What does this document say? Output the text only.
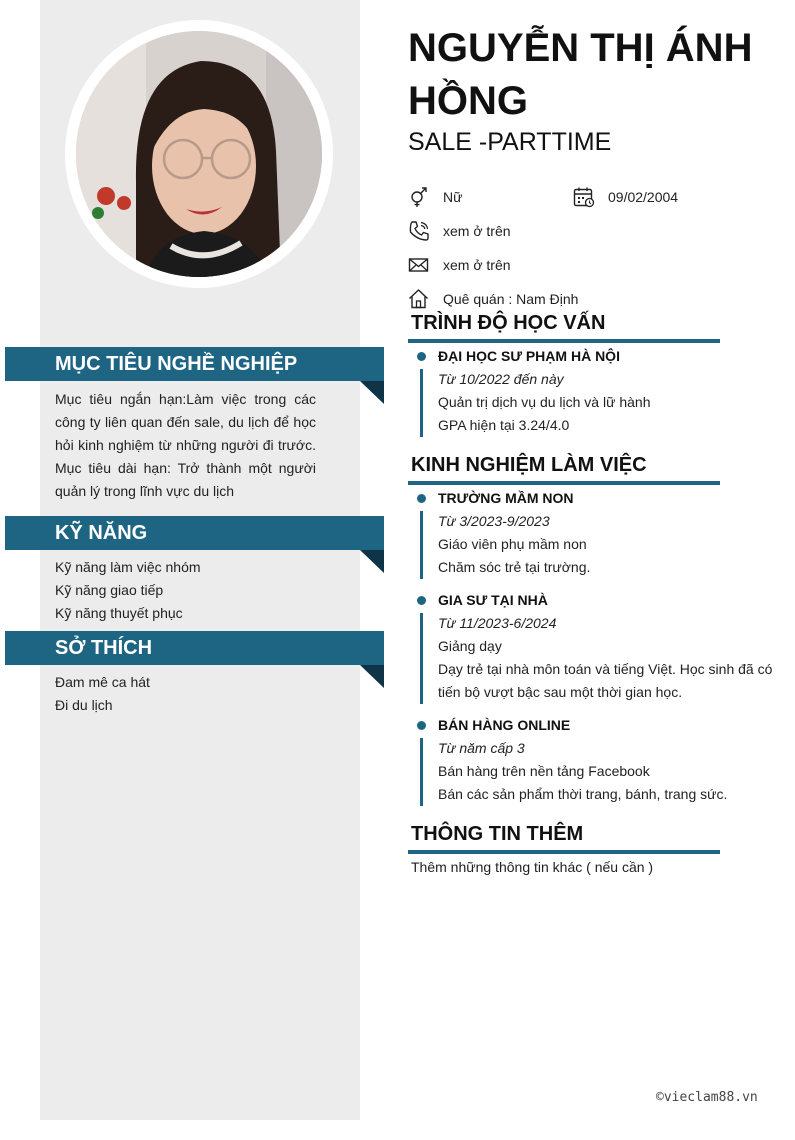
MỤC TIÊU NGHỀ NGHIỆP
Mục tiêu ngắn hạn:Làm việc trong các công ty liên quan đến sale, du lịch để học hỏi kinh nghiệm từ những người đi trước. Mục tiêu dài hạn: Trở thành một người quản lý trong lĩnh vực du lịch
KỸ NĂNG
Kỹ năng làm việc nhóm
Kỹ năng giao tiếp
Kỹ năng thuyết phục
SỞ THÍCH
Đam mê ca hát
Đi du lịch
NGUYỄN THỊ ÁNH HỒNG
SALE -PARTTIME
Nữ	09/02/2004
xem ở trên
xem ở trên
Quê quán : Nam Định
TRÌNH ĐỘ HỌC VẤN
ĐẠI HỌC SƯ PHẠM HÀ NỘI
Từ 10/2022 đến này
Quản trị dịch vụ du lịch và lữ hành
GPA hiện tại 3.24/4.0
KINH NGHIỆM LÀM VIỆC
TRƯỜNG MẦM NON
Từ 3/2023-9/2023
Giáo viên phụ mầm non
Chăm sóc trẻ tại trường.
GIA SƯ TẠI NHÀ
Từ 11/2023-6/2024
Giảng dạy
Dạy trẻ tại nhà môn toán và tiếng Việt. Học sinh đã có
tiến bộ vượt bậc sau một thời gian học.
BÁN HÀNG ONLINE
Từ năm cấp 3
Bán hàng trên nền tảng Facebook
Bán các sản phẩm thời trang, bánh, trang sức.
THÔNG TIN THÊM
Thêm những thông tin khác ( nếu cần )
©vieclam88.vn
